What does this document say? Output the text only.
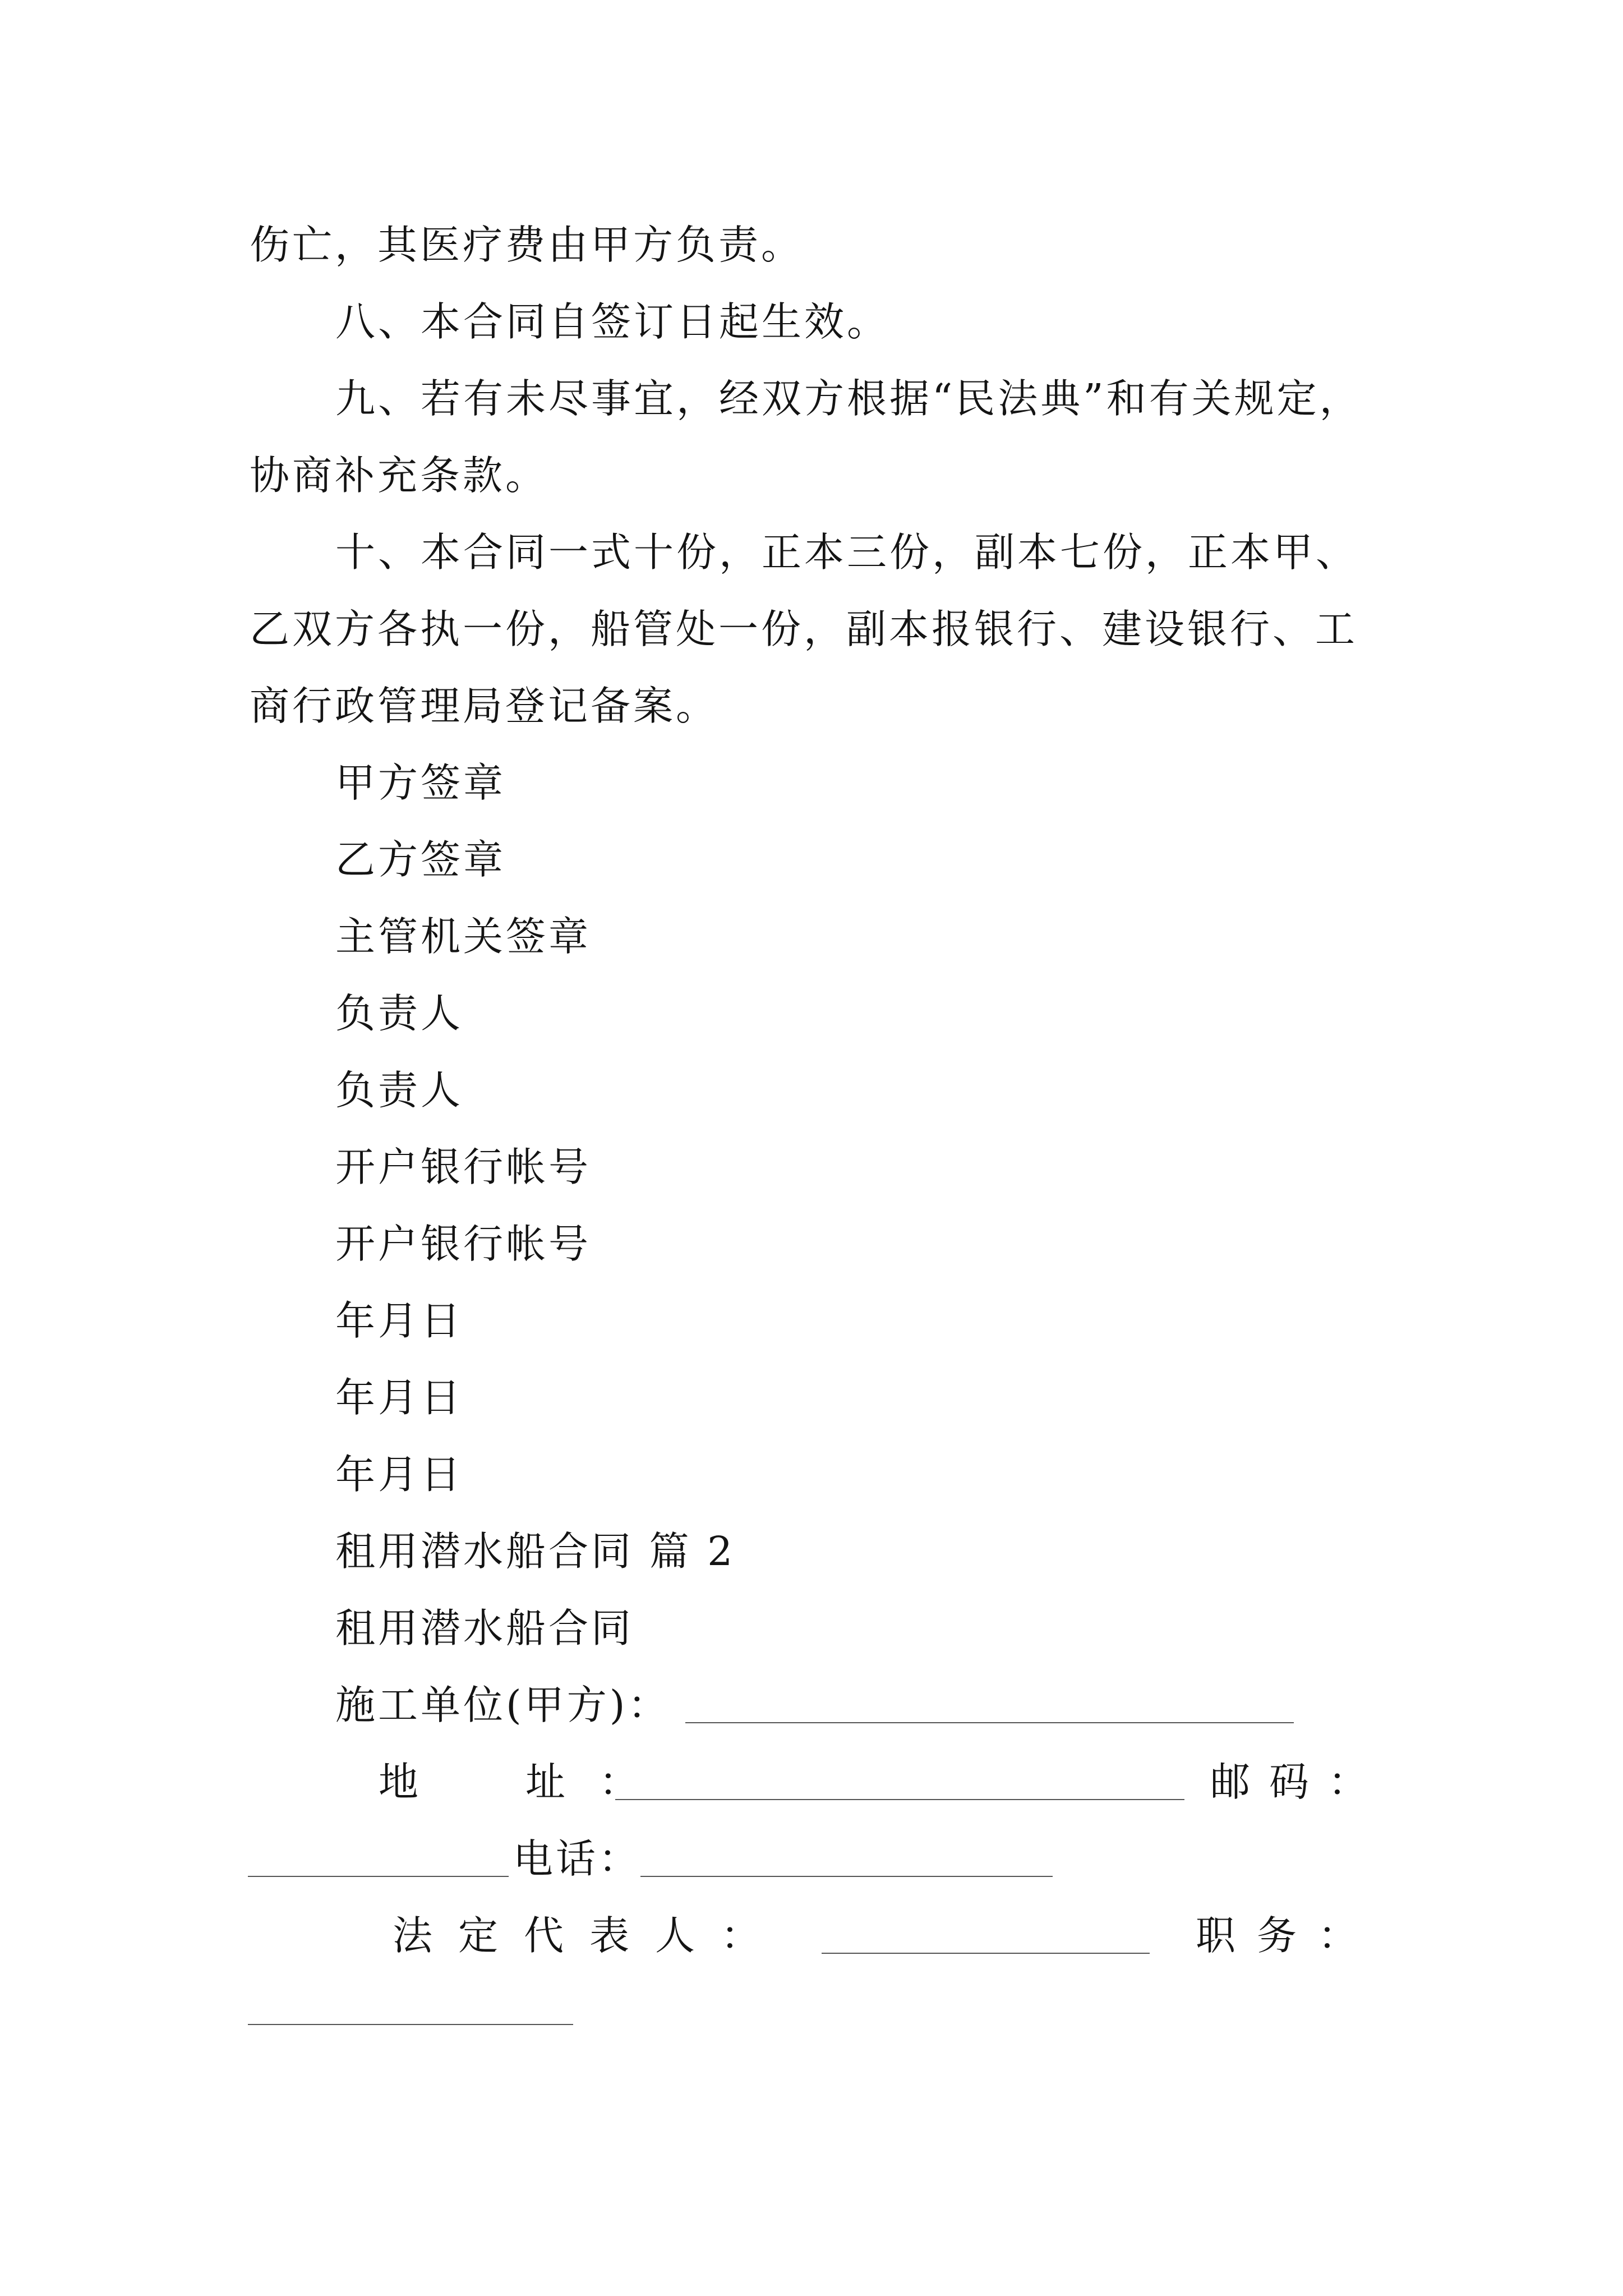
伤亡，其医疗费由甲方负责。
八、本合同自签订日起生效。
九、若有未尽事宜，经双方根据“民法典”和有关规定，
协商补充条款。
十、本合同一式十份，正本三份，副本七份，正本甲、
乙双方各执一份，船管处一份，副本报银行、建设银行、工
商行政管理局登记备案。
甲方签章
乙方签章
主管机关签章
负责人
负责人
开户银行帐号
开户银行帐号
年月日
年月日
年月日
租用潜水船合同 篇 2
租用潜水船合同
施工单位(甲方)：
地　址：	邮码：
电话：
法定代表人：	职务：
